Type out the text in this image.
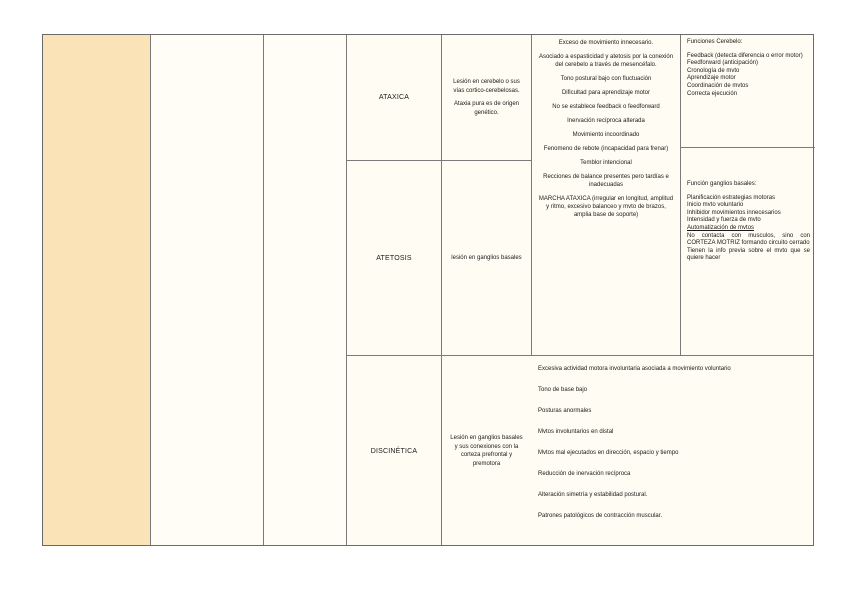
ATAXICA

Lesión en cerebelo o sus vías cortico-cerebelosas.

Ataxia pura es de origen genético.

ATETOSIS	lesión en ganglios basales

Exceso de movimiento innecesario.

Asociado a espasticidad y atetosis por la conexión del cerebelo a través de mesencéfalo.

Tono postural bajo con fluctuación

Dificultad para aprendizaje motor

No se establece feedback o feedforward

Inervación recíproca alterada

Movimiento incoordinado

Fenomeno de rebote (incapacidad para frenar)

Temblor intencional

Recciones de balance presentes pero tardías e inadecuadas

MARCHA ATAXICA (irregular en longitud, amplitud y ritmo, excesivo balanceo y mvto de brazos, amplia base de soporte)

Funciones Cerebelo:

Feedback (detecta diferencia o error motor)

Feedforward (anticipación)

Cronología de mvto

Aprendizaje motor

Coordinación de mvtos

Correcta ejecución

Función ganglios basales:

Planificación estrategias motoras

Inicio mvto voluntario

Inhibidor movimientos innecesarios

Intensidad y fuerza de mvto

Automatización de mvtos

No contacta con musculos, sino con CORTEZA MOTRIZ formando circuito cerrado

Tienen la info previa sobre el mvto que se quiere hacer

DISCINÉTICA

Lesión en ganglios basales y sus conexiones con la corteza prefrontal y premotora

Excesiva actividad motora involuntaria asociada a movimiento voluntario

Tono de base bajo

Posturas anormales

Mvtos involuntarios en distal

Mvtos mal ejecutados en dirección, espacio y tiempo

Reducción de inervación recíproca

Alteración simetría y estabilidad postural.

Patrones patológicos de contracción muscular.
